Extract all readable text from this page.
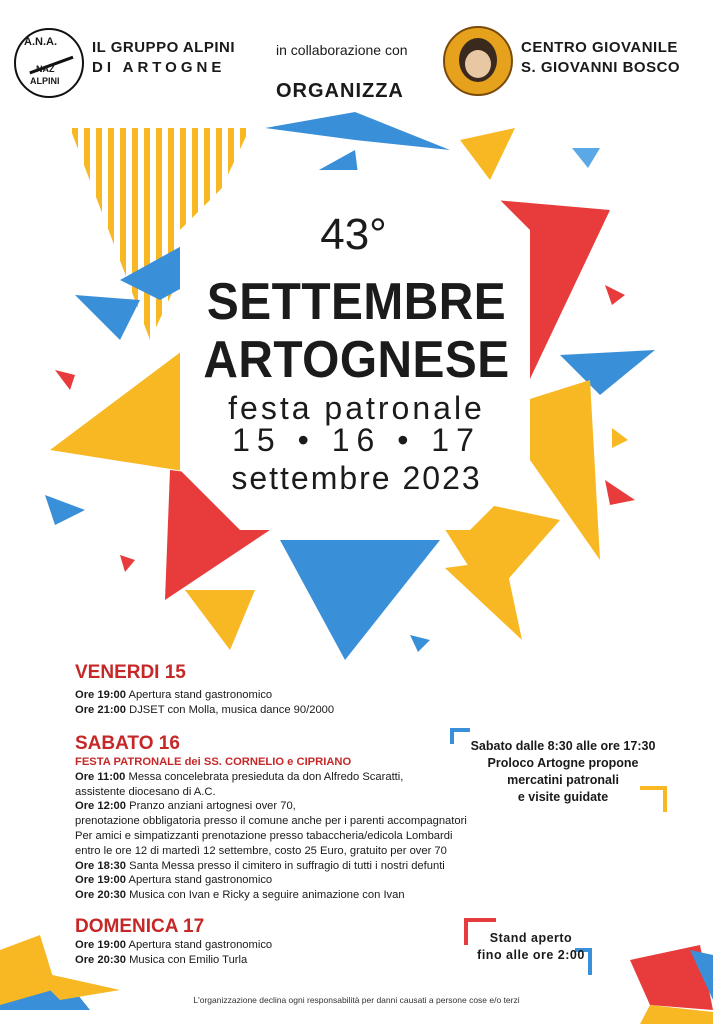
A.N.A.
NAZ
ALPINI
IL GRUPPO ALPINI
DI ARTOGNE
in collaborazione con
ORGANIZZA
CENTRO GIOVANILE
S. GIOVANNI BOSCO
43°
SETTEMBRE
ARTOGNESE
festa patronale
15 • 16 • 17
settembre 2023
VENERDI 15
Ore 19:00 Apertura stand gastronomico
Ore 21:00 DJSET con Molla, musica dance 90/2000
SABATO 16
FESTA PATRONALE dei SS. CORNELIO e CIPRIANO
Ore 11:00 Messa concelebrata presieduta da don Alfredo Scaratti,
assistente diocesano di A.C.
Ore 12:00 Pranzo anziani artognesi over 70,
prenotazione obbligatoria presso il comune anche per i parenti accompagnatori
Per amici e simpatizzanti prenotazione presso tabaccheria/edicola Lombardi
entro le ore 12 di martedì 12 settembre, costo 25 Euro, gratuito per over 70
Ore 18:30 Santa Messa presso il cimitero in suffragio di tutti i nostri defunti
Ore 19:00 Apertura stand gastronomico
Ore 20:30 Musica con Ivan e Ricky a seguire animazione con Ivan
DOMENICA 17
Ore 19:00 Apertura stand gastronomico
Ore 20:30 Musica con Emilio Turla
Sabato dalle 8:30 alle ore 17:30
Proloco Artogne propone
mercatini patronali
e visite guidate
Stand aperto
fino alle ore 2:00
L'organizzazione declina ogni responsabilità per danni causati a persone cose e/o terzi
